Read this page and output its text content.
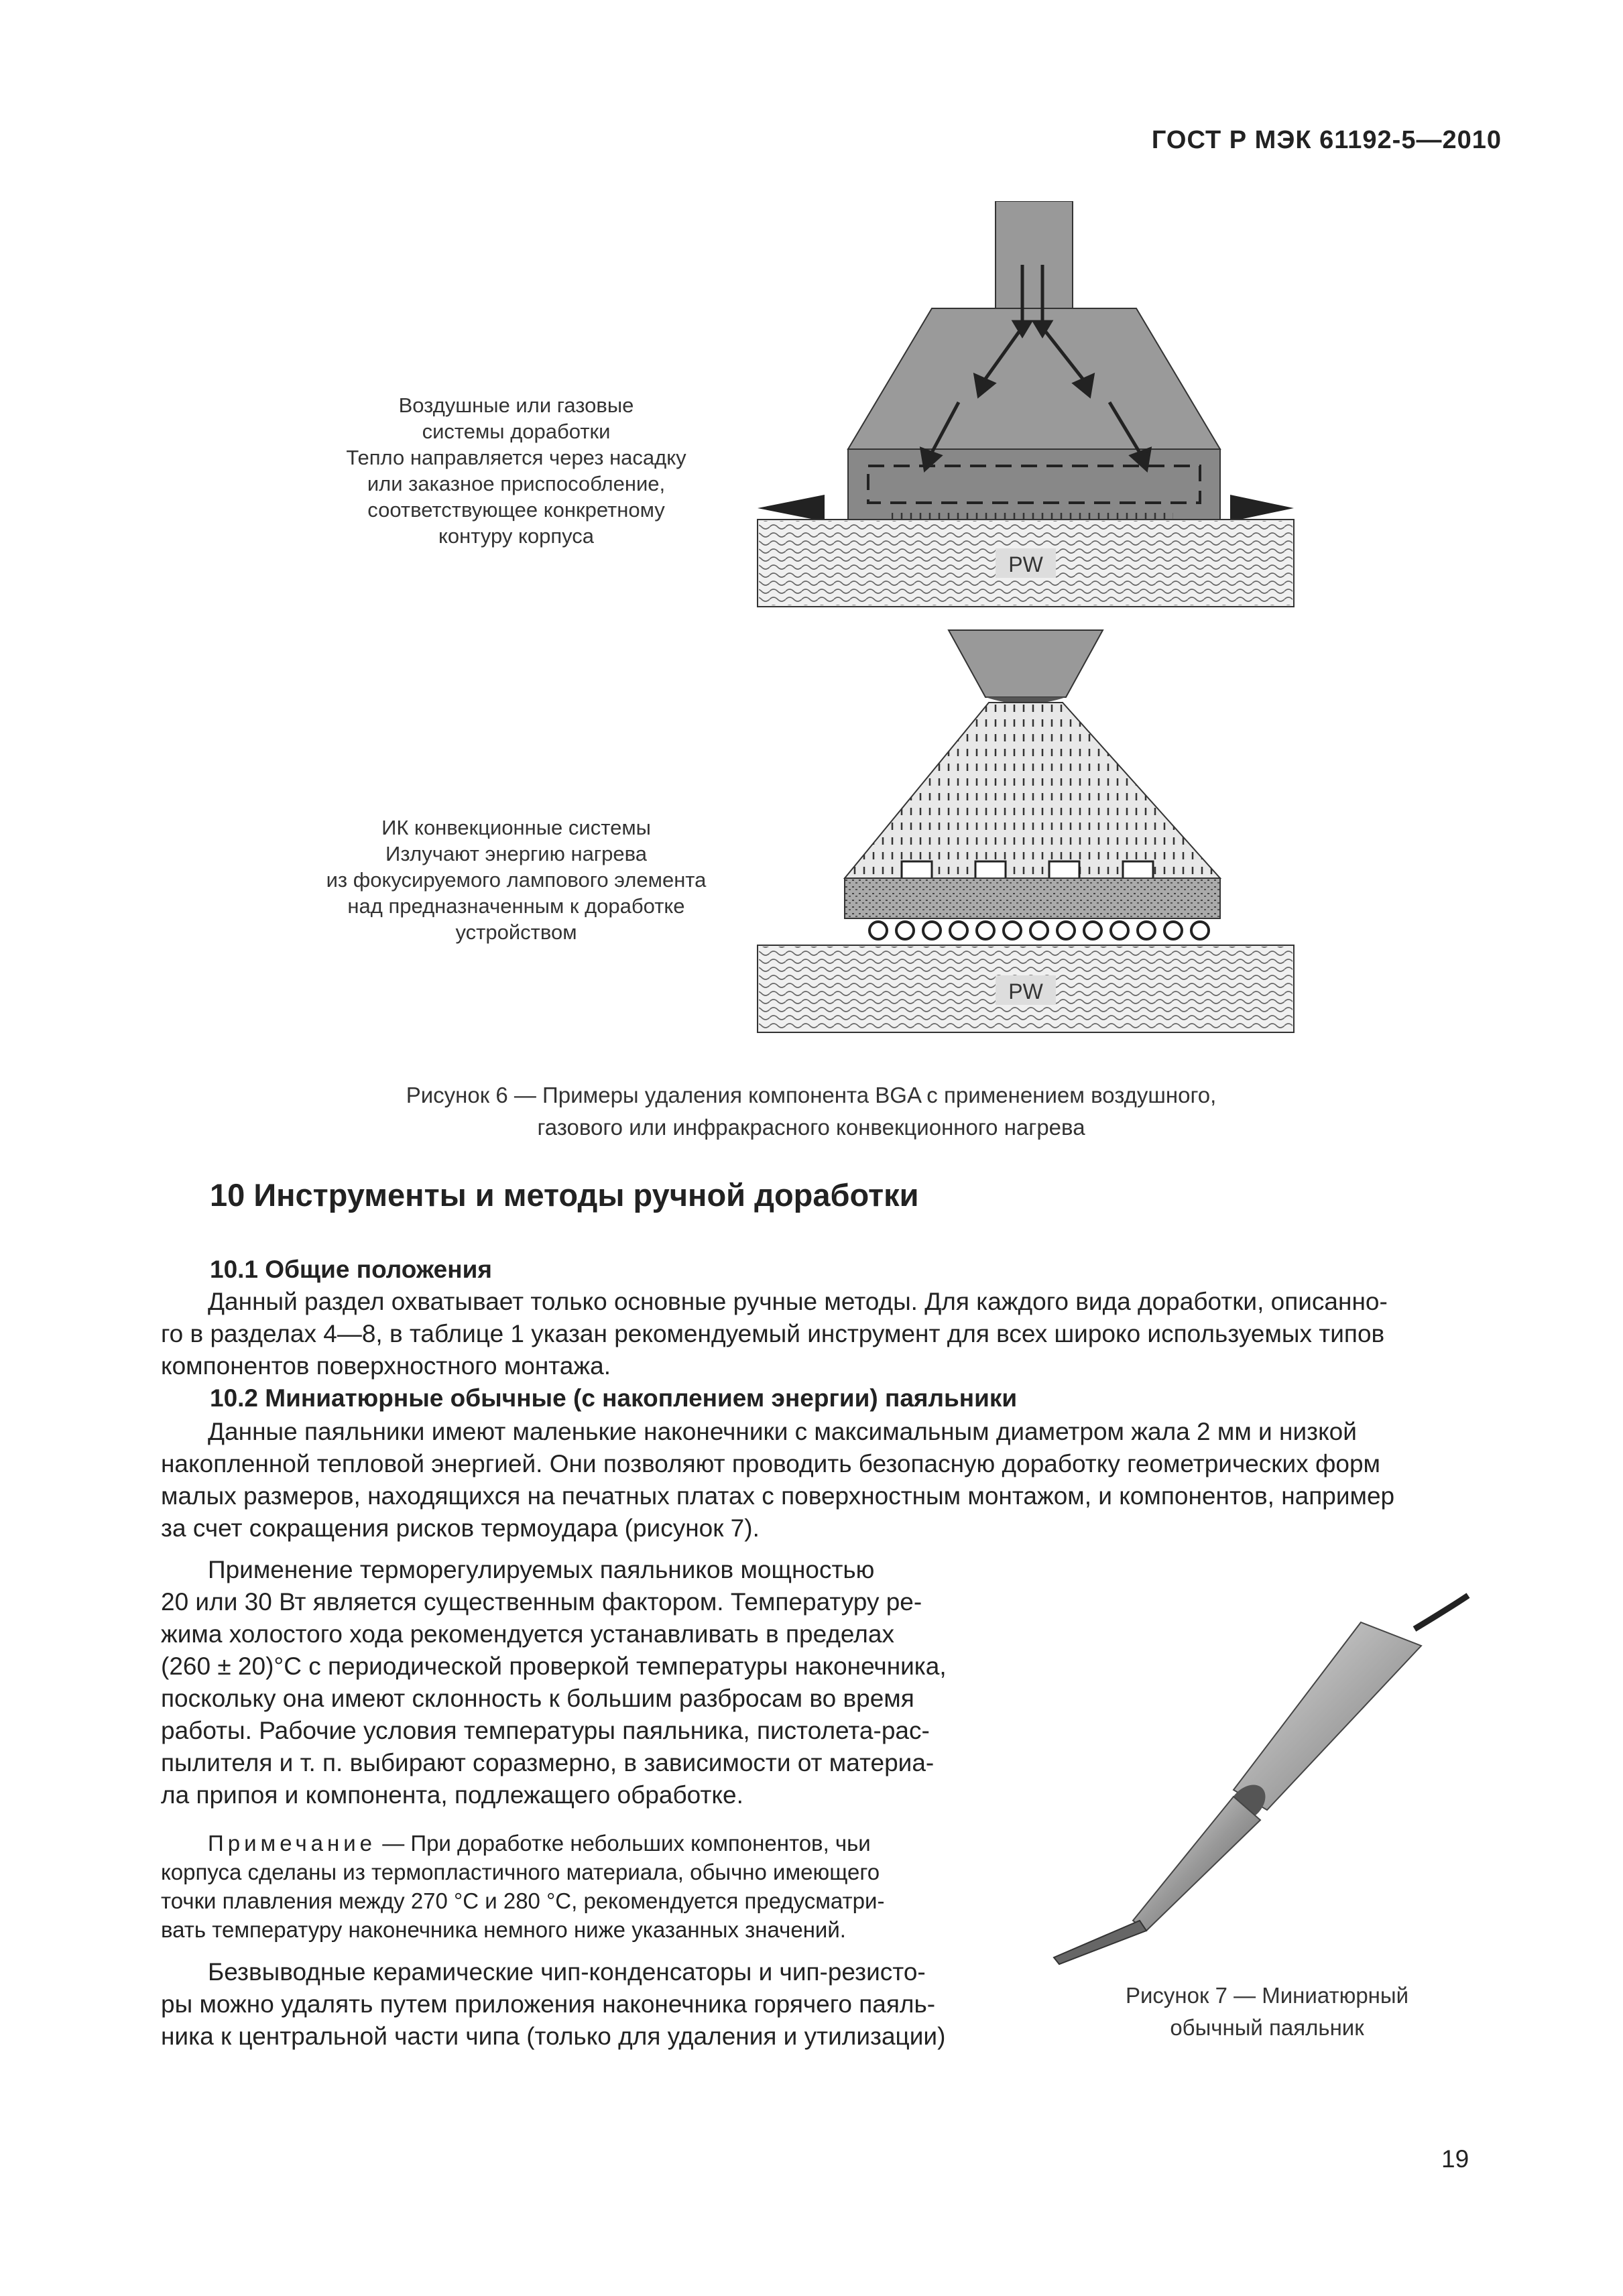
ГОСТ Р МЭК 61192-5—2010
Воздушные или газовые
системы доработки
Тепло направляется через насадку
или заказное приспособление,
соответствующее конкретному
контуру корпуса
ИК конвекционные системы
Излучают энергию нагрева
из фокусируемого лампового элемента
над предназначенным к доработке
устройством
PW
PW
Рисунок 6 — Примеры удаления компонента BGA с применением воздушного,
газового или инфракрасного конвекционного нагрева
10 Инструменты и методы ручной доработки
10.1 Общие положения
Данный раздел охватывает только основные ручные методы. Для каждого вида доработки, описанно-
го в разделах 4—8, в таблице 1 указан рекомендуемый инструмент для всех широко используемых типов
компонентов поверхностного монтажа.
10.2 Миниатюрные обычные (с накоплением энергии) паяльники
Данные паяльники имеют маленькие наконечники с максимальным диаметром жала 2 мм и низкой
накопленной тепловой энергией. Они позволяют проводить безопасную доработку геометрических форм
малых размеров, находящихся на печатных платах с поверхностным монтажом, и компонентов, например
за счет сокращения рисков термоудара (рисунок 7).
Применение терморегулируемых паяльников мощностью
20 или 30 Вт является существенным фактором. Температуру ре-
жима холостого хода рекомендуется устанавливать в пределах
(260 ± 20)°С с периодической проверкой температуры наконечника,
поскольку она имеют склонность к большим разбросам во время
работы. Рабочие условия температуры паяльника, пистолета-рас-
пылителя и т. п. выбирают соразмерно, в зависимости от материа-
ла припоя и компонента, подлежащего обработке.
Примечание — При доработке небольших компонентов, чьи
корпуса сделаны из термопластичного материала, обычно имеющего
точки плавления между 270 °С и 280 °С, рекомендуется предусматри-
вать температуру наконечника немного ниже указанных значений.
Безвыводные керамические чип-конденсаторы и чип-резисто-
ры можно удалять путем приложения наконечника горячего паяль-
ника к центральной части чипа (только для удаления и утилизации)
Рисунок 7 — Миниатюрный
обычный паяльник
19
